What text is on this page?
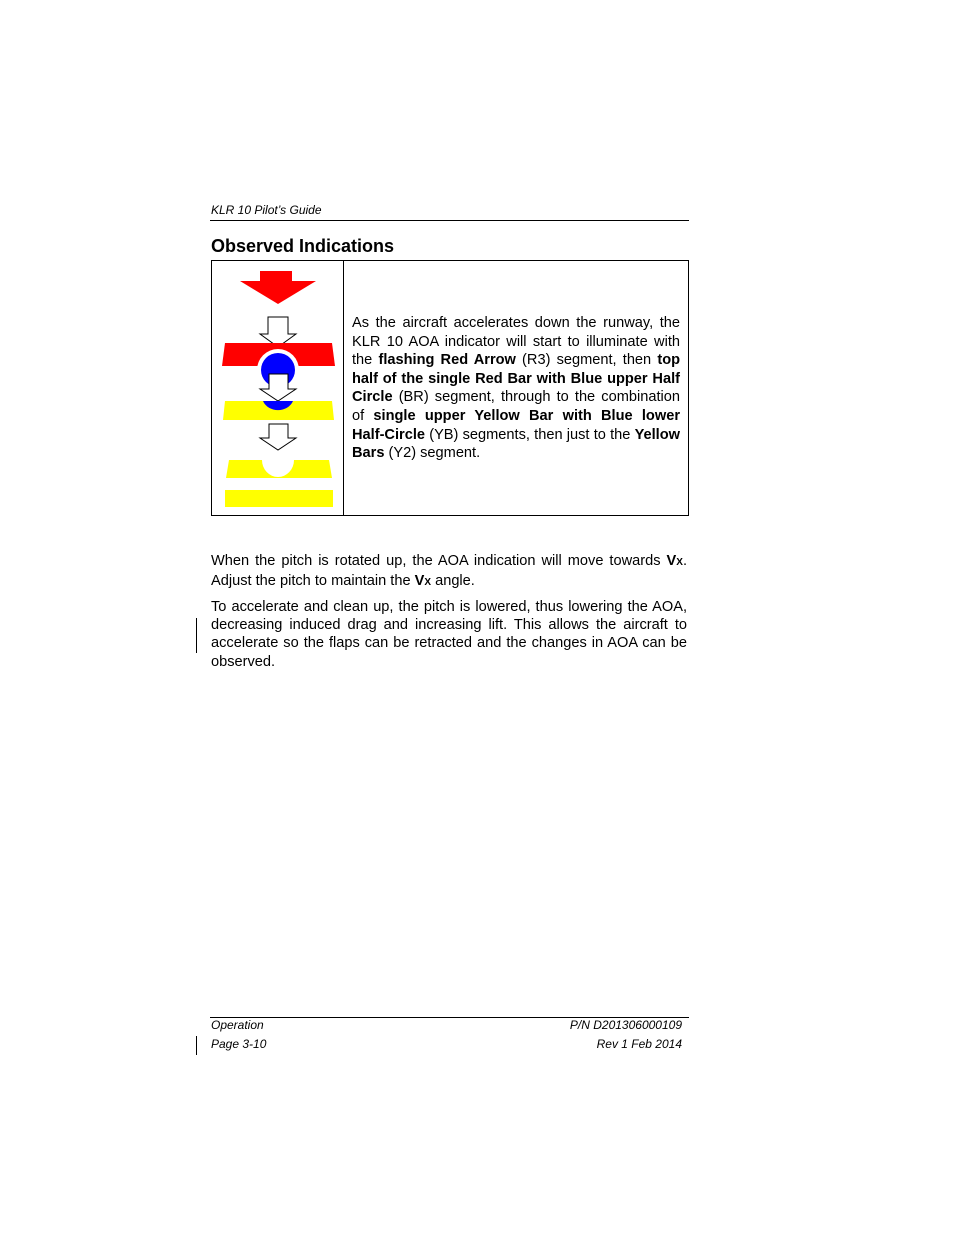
KLR 10 Pilot’s Guide
Observed Indications
As the aircraft accelerates down the runway, the KLR 10 AOA indicator will start to illuminate with the flashing Red Arrow (R3) segment, then top half of the single Red Bar with Blue upper Half Circle (BR) segment, through to the combination of single upper Yellow Bar with Blue lower Half-Circle (YB) segments, then just to the Yellow Bars (Y2) segment.
When the pitch is rotated up, the AOA indication will move towards VX. Adjust the pitch to maintain the VX angle.
To accelerate and clean up, the pitch is lowered, thus lowering the AOA, decreasing induced drag and increasing lift. This allows the aircraft to accelerate so the flaps can be retracted and the changes in AOA can be observed.
Operation
Page 3-10
P/N D201306000109
Rev 1 Feb 2014
